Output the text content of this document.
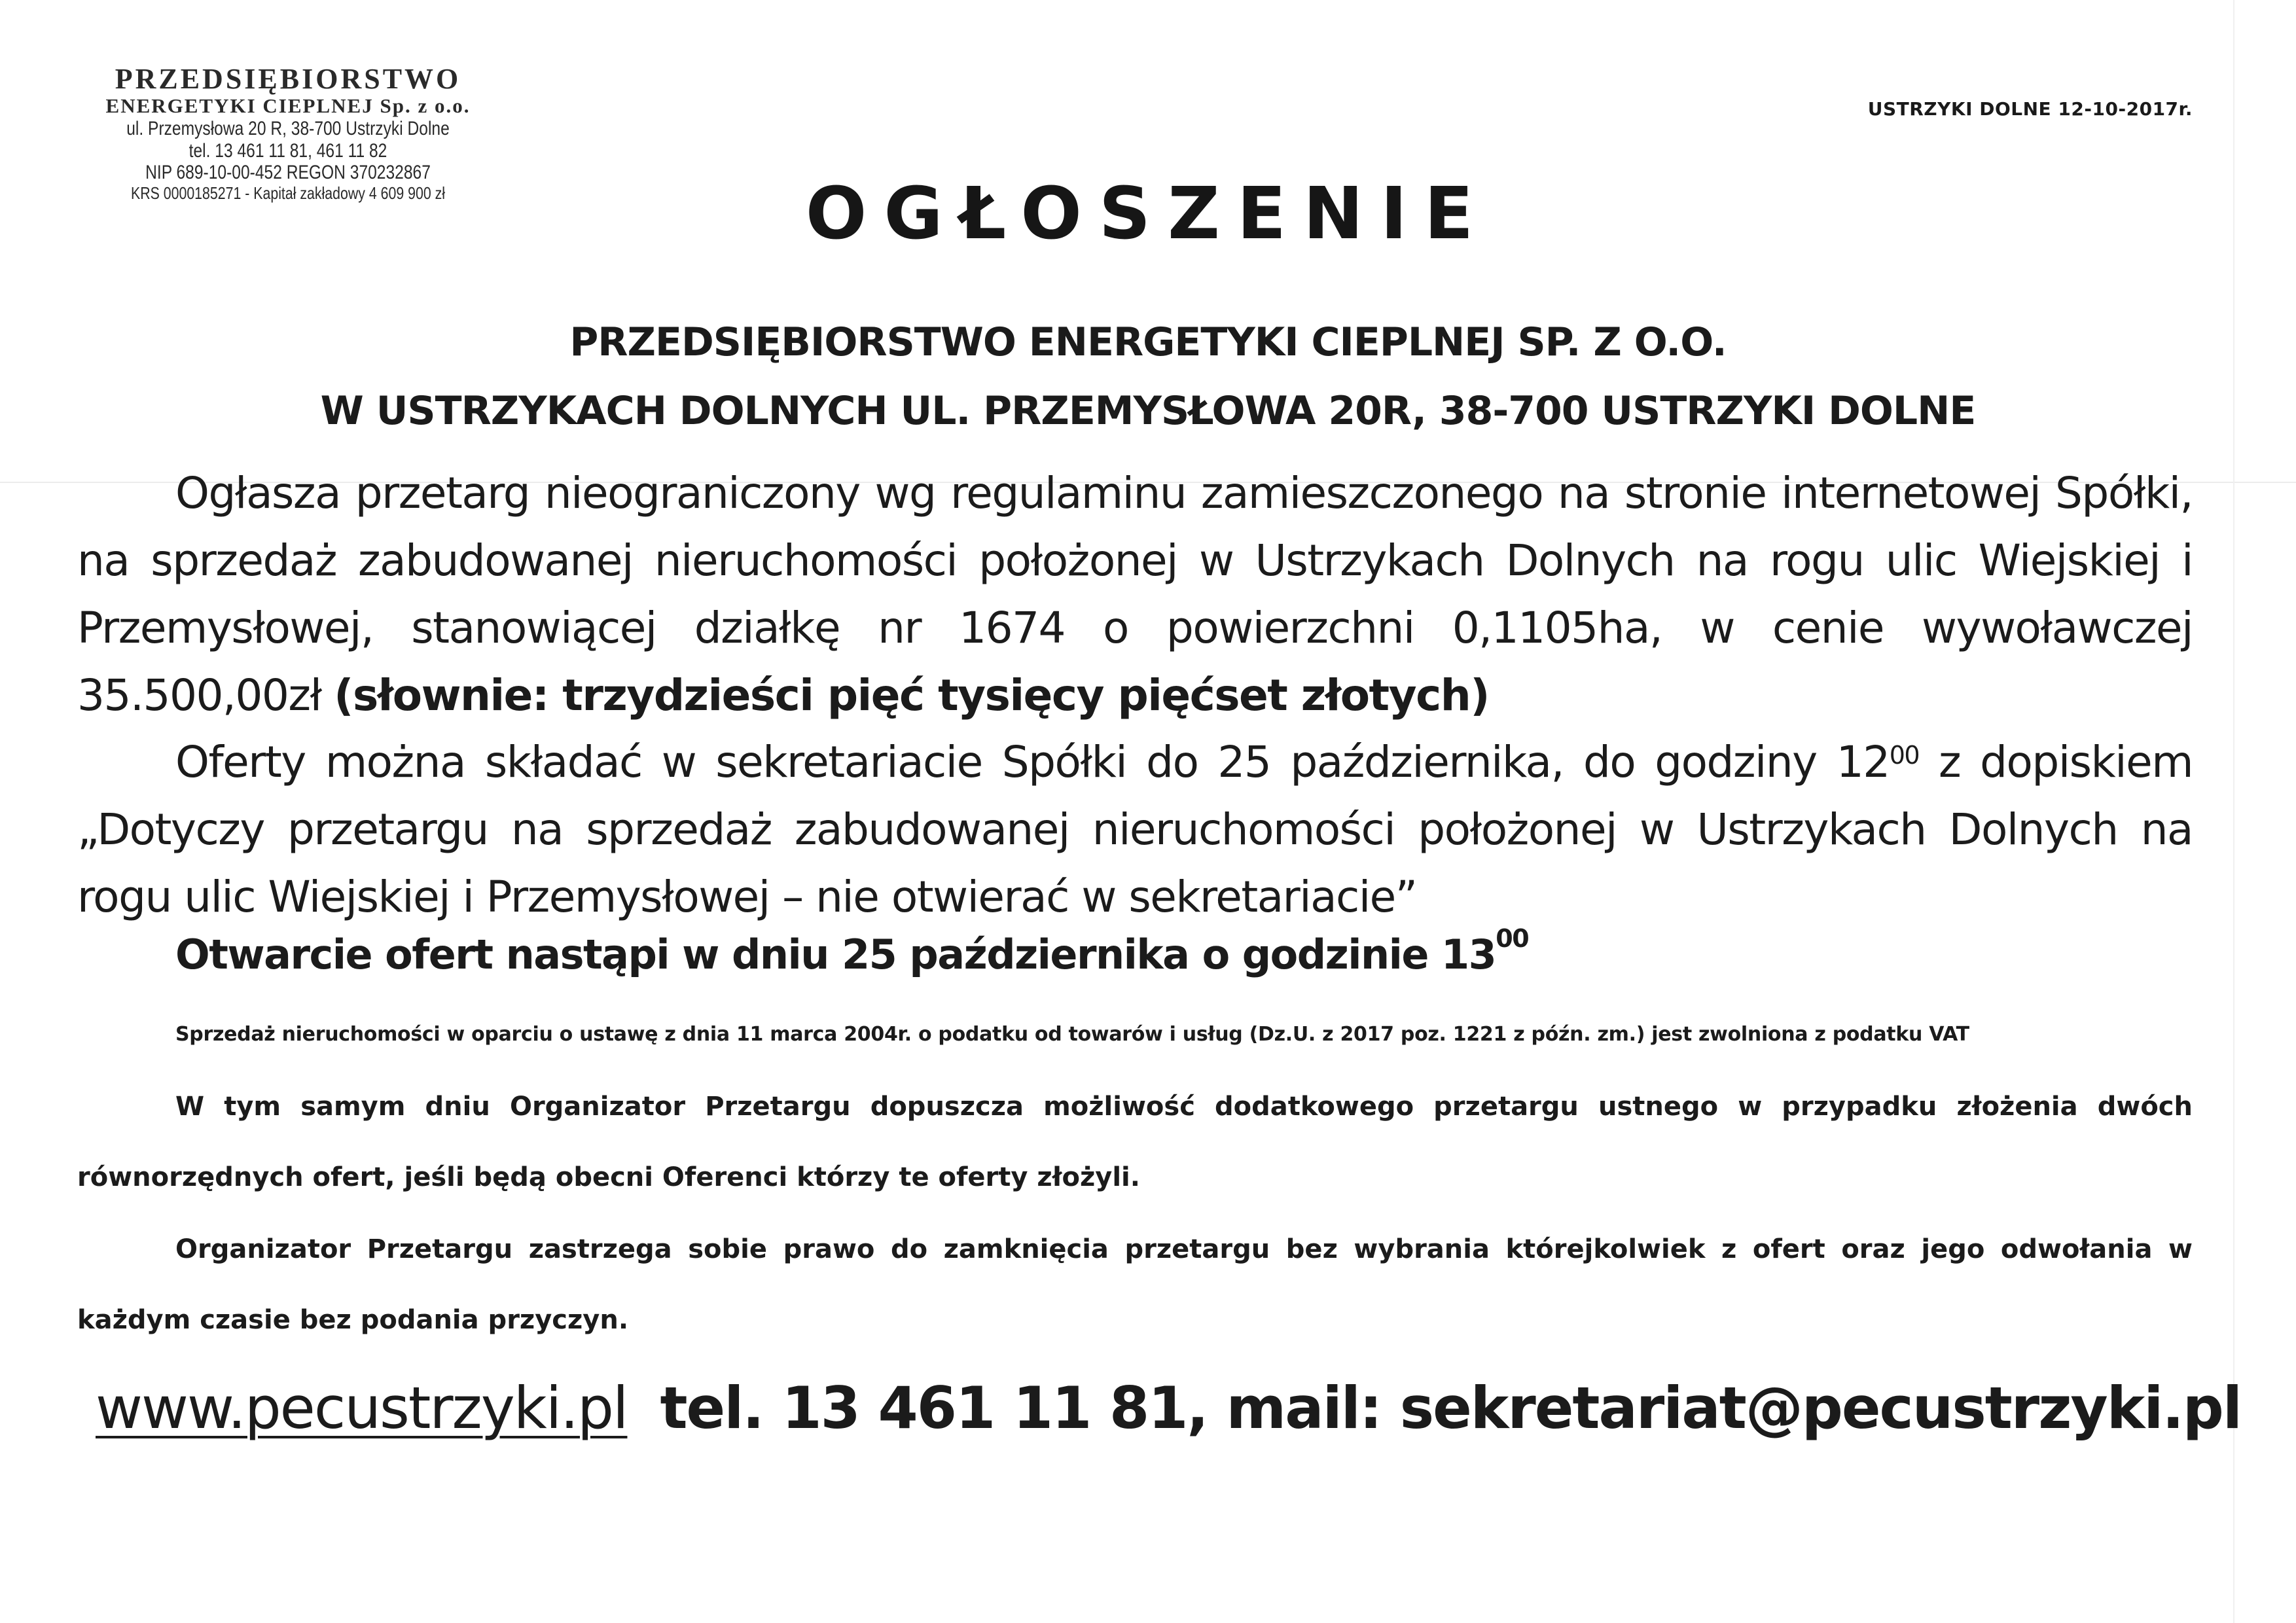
PRZEDSIĘBIORSTWO
ENERGETYKI CIEPLNEJ Sp. z o.o.
ul. Przemysłowa 20 R, 38-700 Ustrzyki Dolne
tel. 13 461 11 81, 461 11 82
NIP 689-10-00-452 REGON 370232867
KRS 0000185271 - Kapitał zakładowy 4 609 900 zł
USTRZYKI DOLNE 12-10-2017r.
OGŁOSZENIE
PRZEDSIĘBIORSTWO ENERGETYKI CIEPLNEJ SP. Z O.O.
W USTRZYKACH DOLNYCH UL. PRZEMYSŁOWA 20R, 38-700 USTRZYKI DOLNE
Ogłasza przetarg nieograniczony wg regulaminu zamieszczonego na stronie internetowej Spółki, na sprzedaż zabudowanej nieruchomości położonej w Ustrzykach Dolnych na rogu ulic Wiejskiej i Przemysłowej, stanowiącej działkę nr 1674 o powierzchni 0,1105ha, w cenie wywoławczej 35.500,00zł (słownie: trzydzieści pięć tysięcy pięćset złotych)
Oferty można składać w sekretariacie Spółki do 25 października, do godziny $12^{00}$ z dopiskiem „Dotyczy przetargu na sprzedaż zabudowanej nieruchomości położonej w Ustrzykach Dolnych na rogu ulic Wiejskiej i Przemysłowej – nie otwierać w sekretariacie”
Otwarcie ofert nastąpi w dniu 25 października o godzinie $13^{00}$
Sprzedaż nieruchomości w oparciu o ustawę z dnia 11 marca 2004r. o podatku od towarów i usług (Dz.U. z 2017 poz. 1221 z późn. zm.) jest zwolniona z podatku VAT
W tym samym dniu Organizator Przetargu dopuszcza możliwość dodatkowego przetargu ustnego w przypadku złożenia dwóch równorzędnych ofert, jeśli będą obecni Oferenci którzy te oferty złożyli.
Organizator Przetargu zastrzega sobie prawo do zamknięcia przetargu bez wybrania którejkolwiek z ofert oraz jego odwołania w każdym czasie bez podania przyczyn.
www.pecustrzyki.pl tel. 13 461 11 81, mail: sekretariat@pecustrzyki.pl
